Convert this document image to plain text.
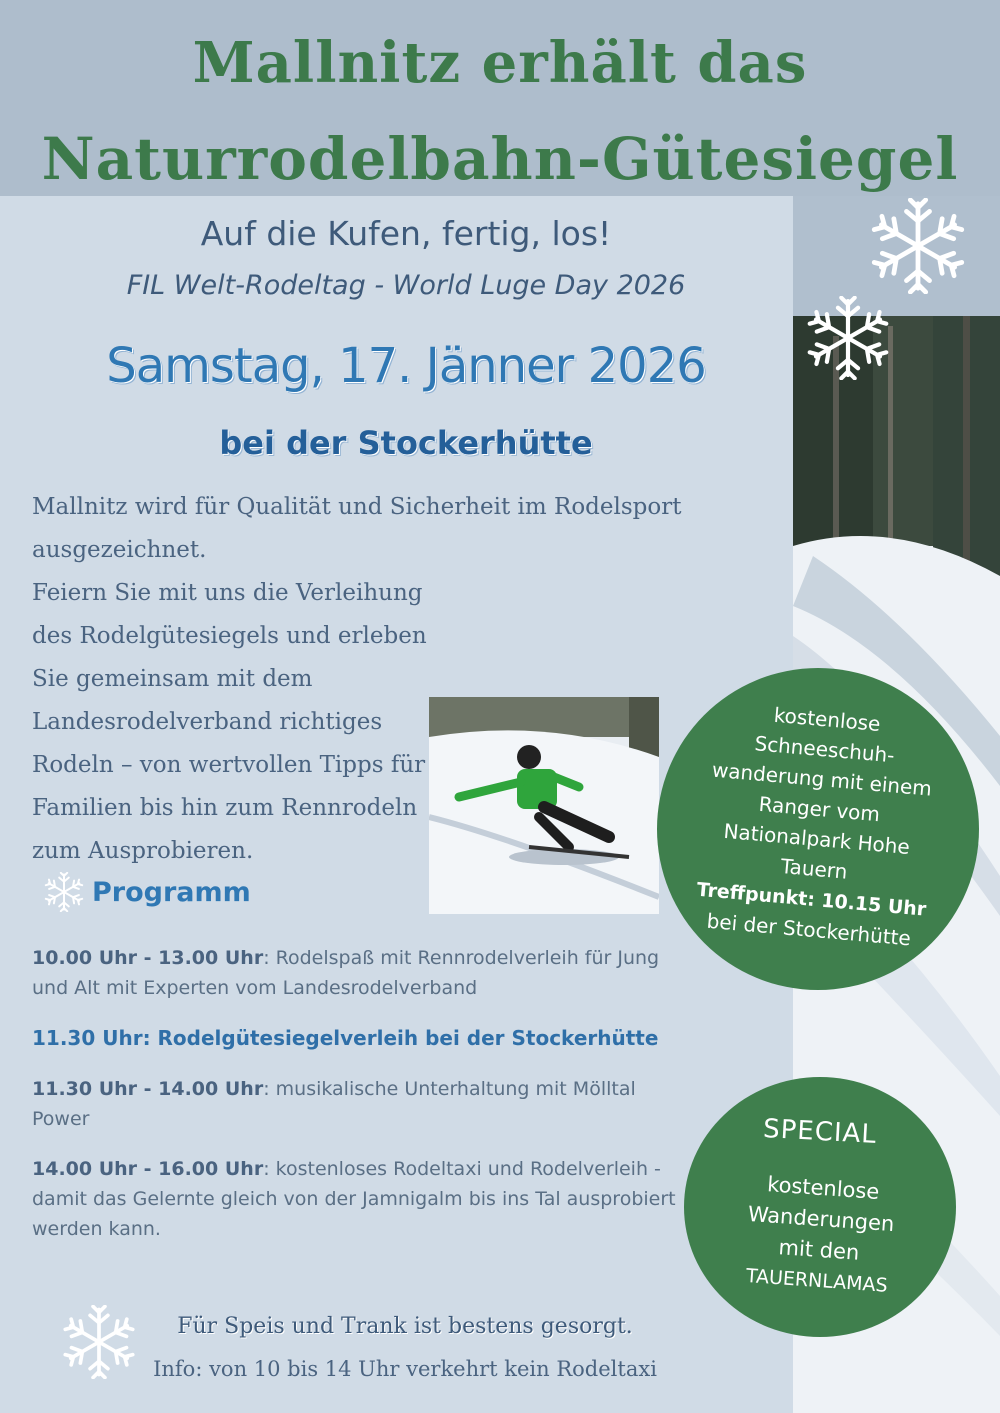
Mallnitz erhält das
Naturrodelbahn-Gütesiegel
Auf die Kufen, fertig, los!
FIL Welt-Rodeltag - World Luge Day 2026
Samstag, 17. Jänner 2026
bei der Stockerhütte

Mallnitz wird für Qualität und Sicherheit im Rodelsport ausgezeichnet.

Feiern Sie mit uns die Verleihung des Rodelgütesiegels und erleben Sie gemeinsam mit dem Landesrodelverband richtiges Rodeln – von wertvollen Tipps für Familien bis hin zum Rennrodeln zum Ausprobieren.

Programm
10.00 Uhr - 13.00 Uhr: Rodelspaß mit Rennrodelverleih für Jung und Alt mit Experten vom Landesrodelverband
11.30 Uhr: Rodelgütesiegelverleih bei der Stockerhütte
11.30 Uhr - 14.00 Uhr: musikalische Unterhaltung mit Mölltal Power
14.00 Uhr - 16.00 Uhr: kostenloses Rodeltaxi und Rodelverleih - damit das Gelernte gleich von der Jamnigalm bis ins Tal ausprobiert werden kann.
kostenlose
Schneeschuh-
wanderung mit einem
Ranger vom
Nationalpark Hohe
Tauern
Treffpunkt: 10.15 Uhr
bei der Stockerhütte
SPECIAL
kostenlose
Wanderungen
mit den
TAUERNLAMAS
Für Speis und Trank ist bestens gesorgt.
Info: von 10 bis 14 Uhr verkehrt kein Rodeltaxi
